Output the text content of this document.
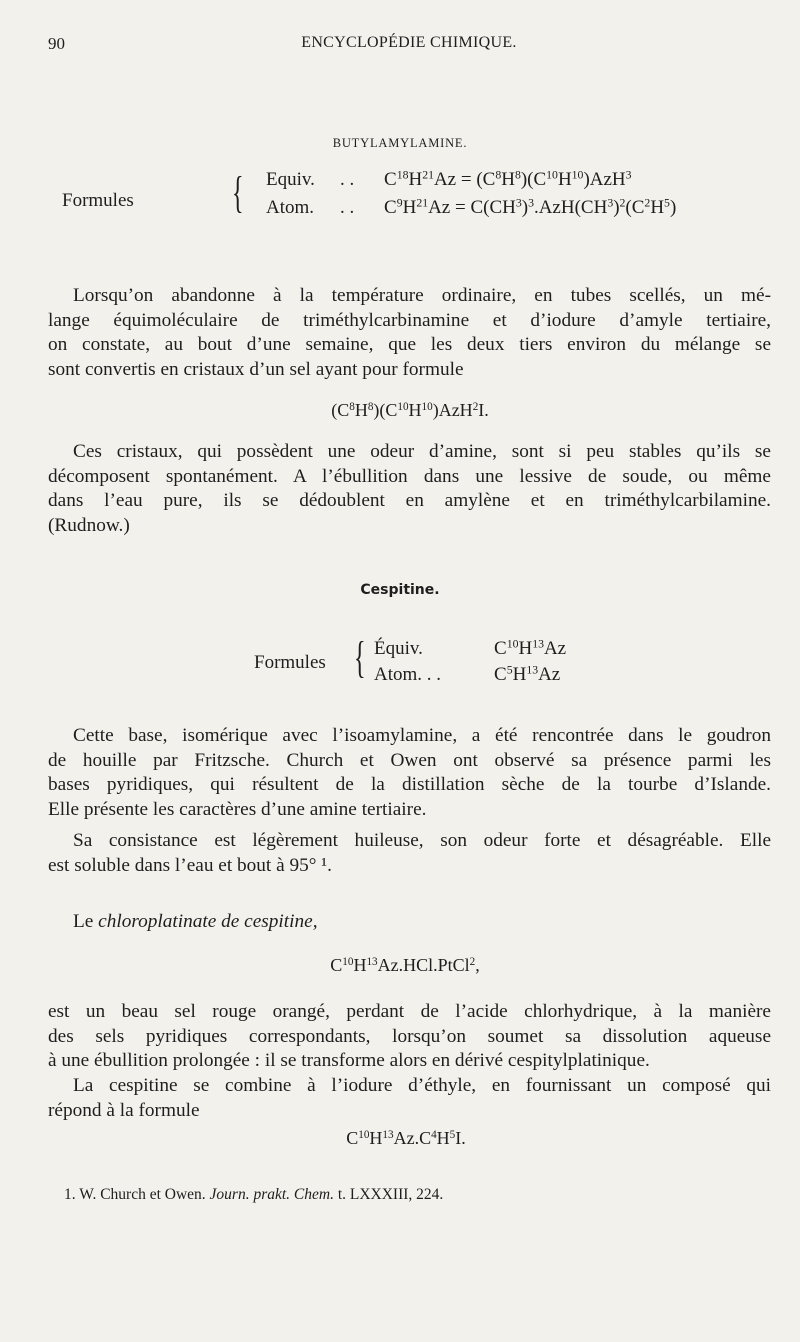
90	ENCYCLOPÉDIE CHIMIQUE.
BUTYLAMYLAMINE.
Formules { Equiv. . . $C^{18}H^{21}Az = (C^8H^8)(C^{10}H^{10})AzH^3$
Atom. . . $C^9H^{21}Az = C(CH^3)^3.AzH(CH^3)^2(C^2H^5)$
Lorsqu’on abandonne à la température ordinaire, en tubes scellés, un mé-
lange équimoléculaire de triméthylcarbinamine et d’iodure d’amyle tertiaire,
on constate, au bout d’une semaine, que les deux tiers environ du mélange se
sont convertis en cristaux d’un sel ayant pour formule
$(C^8H^8)(C^{10}H^{10})AzH^2I$.
Ces cristaux, qui possèdent une odeur d’amine, sont si peu stables qu’ils se
décomposent spontanément. A l’ébullition dans une lessive de soude, ou même
dans l’eau pure, ils se dédoublent en amylène et en triméthylcarbilamine.
(Rudnow.)
Cespitine.
Formules { Équiv.	$C^{10}H^{13}Az$
Atom. . .	$C^5H^{13}Az$
Cette base, isomérique avec l’isoamylamine, a été rencontrée dans le goudron
de houille par Fritzsche. Church et Owen ont observé sa présence parmi les
bases pyridiques, qui résultent de la distillation sèche de la tourbe d’Islande.
Elle présente les caractères d’une amine tertiaire.
Sa consistance est légèrement huileuse, son odeur forte et désagréable. Elle
est soluble dans l’eau et bout à 95° ¹.
Le chloroplatinate de cespitine,
$C^{10}H^{13}Az.HCl.PtCl^2$,
est un beau sel rouge orangé, perdant de l’acide chlorhydrique, à la manière
des sels pyridiques correspondants, lorsqu’on soumet sa dissolution aqueuse
à une ébullition prolongée : il se transforme alors en dérivé cespitylplatinique.
La cespitine se combine à l’iodure d’éthyle, en fournissant un composé qui
répond à la formule
$C^{10}H^{13}Az.C^4H^5I$.
1. W. Church et Owen. Journ. prakt. Chem. t. LXXXIII, 224.
